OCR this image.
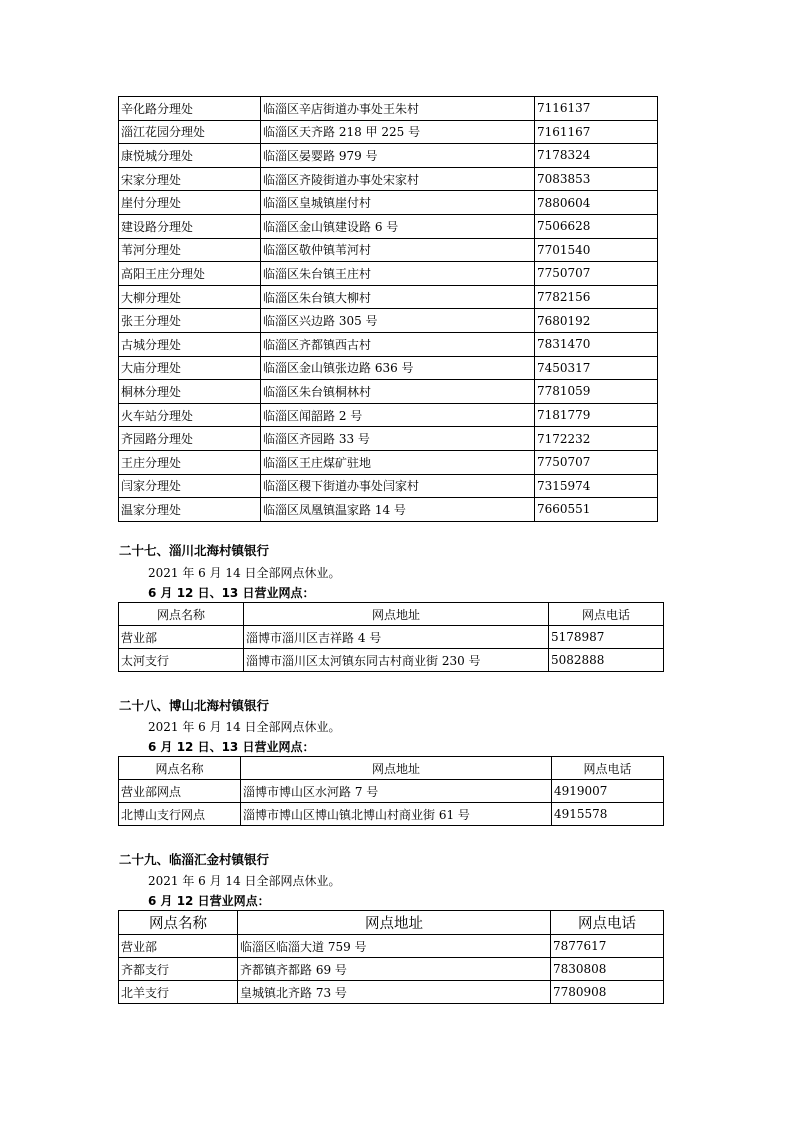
辛化路分理处	临淄区辛店街道办事处王朱村	7116137
淄江花园分理处	临淄区天齐路 218 甲 225 号	7161167
康悦城分理处	临淄区晏婴路 979 号	7178324
宋家分理处	临淄区齐陵街道办事处宋家村	7083853
崖付分理处	临淄区皇城镇崖付村	7880604
建设路分理处	临淄区金山镇建设路 6 号	7506628
苇河分理处	临淄区敬仲镇苇河村	7701540
高阳王庄分理处	临淄区朱台镇王庄村	7750707
大柳分理处	临淄区朱台镇大柳村	7782156
张王分理处	临淄区兴边路 305 号	7680192
古城分理处	临淄区齐都镇西古村	7831470
大庙分理处	临淄区金山镇张边路 636 号	7450317
桐林分理处	临淄区朱台镇桐林村	7781059
火车站分理处	临淄区闻韶路 2 号	7181779
齐园路分理处	临淄区齐园路 33 号	7172232
王庄分理处	临淄区王庄煤矿驻地	7750707
闫家分理处	临淄区稷下街道办事处闫家村	7315974
温家分理处	临淄区凤凰镇温家路 14 号	7660551

二十七、淄川北海村镇银行

2021 年 6 月 14 日全部网点休业。

6 月 12 日、13 日营业网点：

网点名称	网点地址	网点电话
营业部	淄博市淄川区吉祥路 4 号	5178987
太河支行	淄博市淄川区太河镇东同古村商业街 230 号	5082888

二十八、博山北海村镇银行

2021 年 6 月 14 日全部网点休业。

6 月 12 日、13 日营业网点：

网点名称	网点地址	网点电话
营业部网点	淄博市博山区水河路 7 号	4919007
北博山支行网点	淄博市博山区博山镇北博山村商业街 61 号	4915578

二十九、临淄汇金村镇银行

2021 年 6 月 14 日全部网点休业。

6 月 12 日营业网点：

网点名称	网点地址	网点电话
营业部	临淄区临淄大道 759 号	7877617
齐都支行	齐都镇齐都路 69 号	7830808
北羊支行	皇城镇北齐路 73 号	7780908
